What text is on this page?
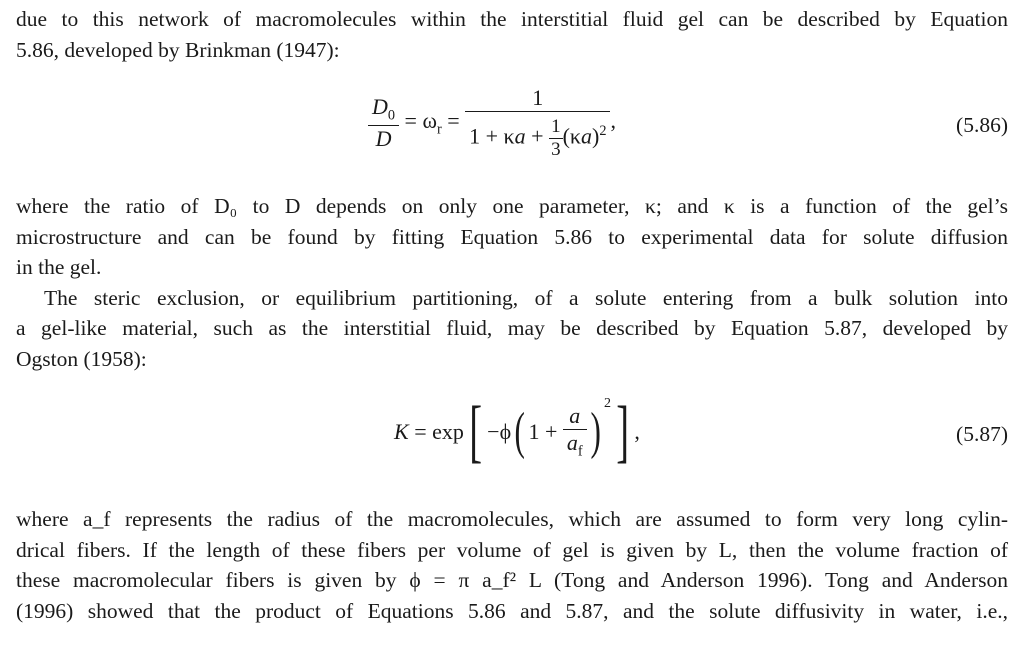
due to this network of macromolecules within the interstitial fluid gel can be described by Equation
5.86, developed by Brinkman (1947):

$\frac{D_0}{D} = \omega_r = \frac{1}{1 + \kappa a + \frac{1}{3} (\kappa a)^2}$ ,	(5.86)

where the ratio of D₀ to D depends on only one parameter, κ; and κ is a function of the gel’s
microstructure and can be found by fitting Equation 5.86 to experimental data for solute diffusion
in the gel.

The steric exclusion, or equilibrium partitioning, of a solute entering from a bulk solution into
a gel-like material, such as the interstitial fluid, may be described by Equation 5.87, developed by
Ogston (1958):

K = exp[ −ϕ( $1 + \frac{a}{a_f}$ ) $^2$] ,	(5.87)

where a_f represents the radius of the macromolecules, which are assumed to form very long cylin-
drical fibers. If the length of these fibers per volume of gel is given by L, then the volume fraction of
these macromolecular fibers is given by ϕ = π a_f² L (Tong and Anderson 1996). Tong and Anderson
(1996) showed that the product of Equations 5.86 and 5.87, and the solute diffusivity in water, i.e.,
